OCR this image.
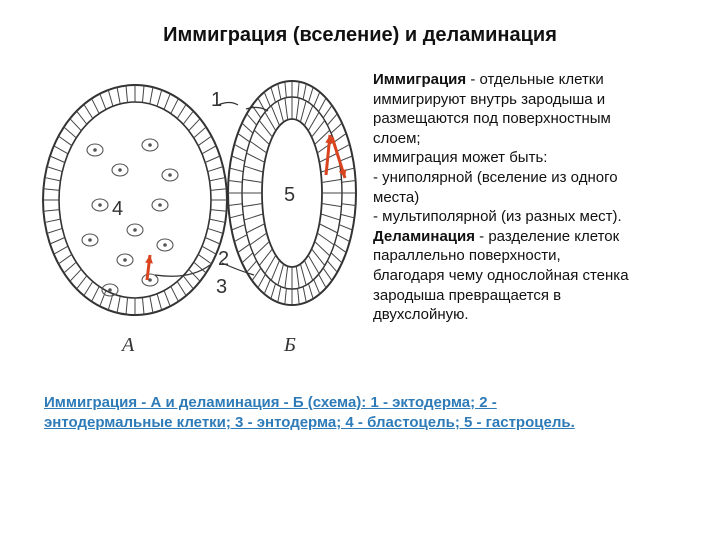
Иммиграция (вселение) и деламинация
1
2
3
4
5
А	Б

Иммиграция - отдельные клетки

иммигрируют внутрь зародыша и

размещаются под поверхностным

слоем;

иммиграция может быть:

- униполярной (вселение из одного

места)

- мультиполярной (из разных мест).

Деламинация - разделение клеток

параллельно поверхности,

благодаря чему однослойная стенка

зародыша превращается в

двухслойную.

Иммиграция - А и деламинация - Б (схема): 1 - эктодерма; 2 -
энтодермальные клетки; 3 - энтодерма; 4 - бластоцель; 5 - гастроцель.
